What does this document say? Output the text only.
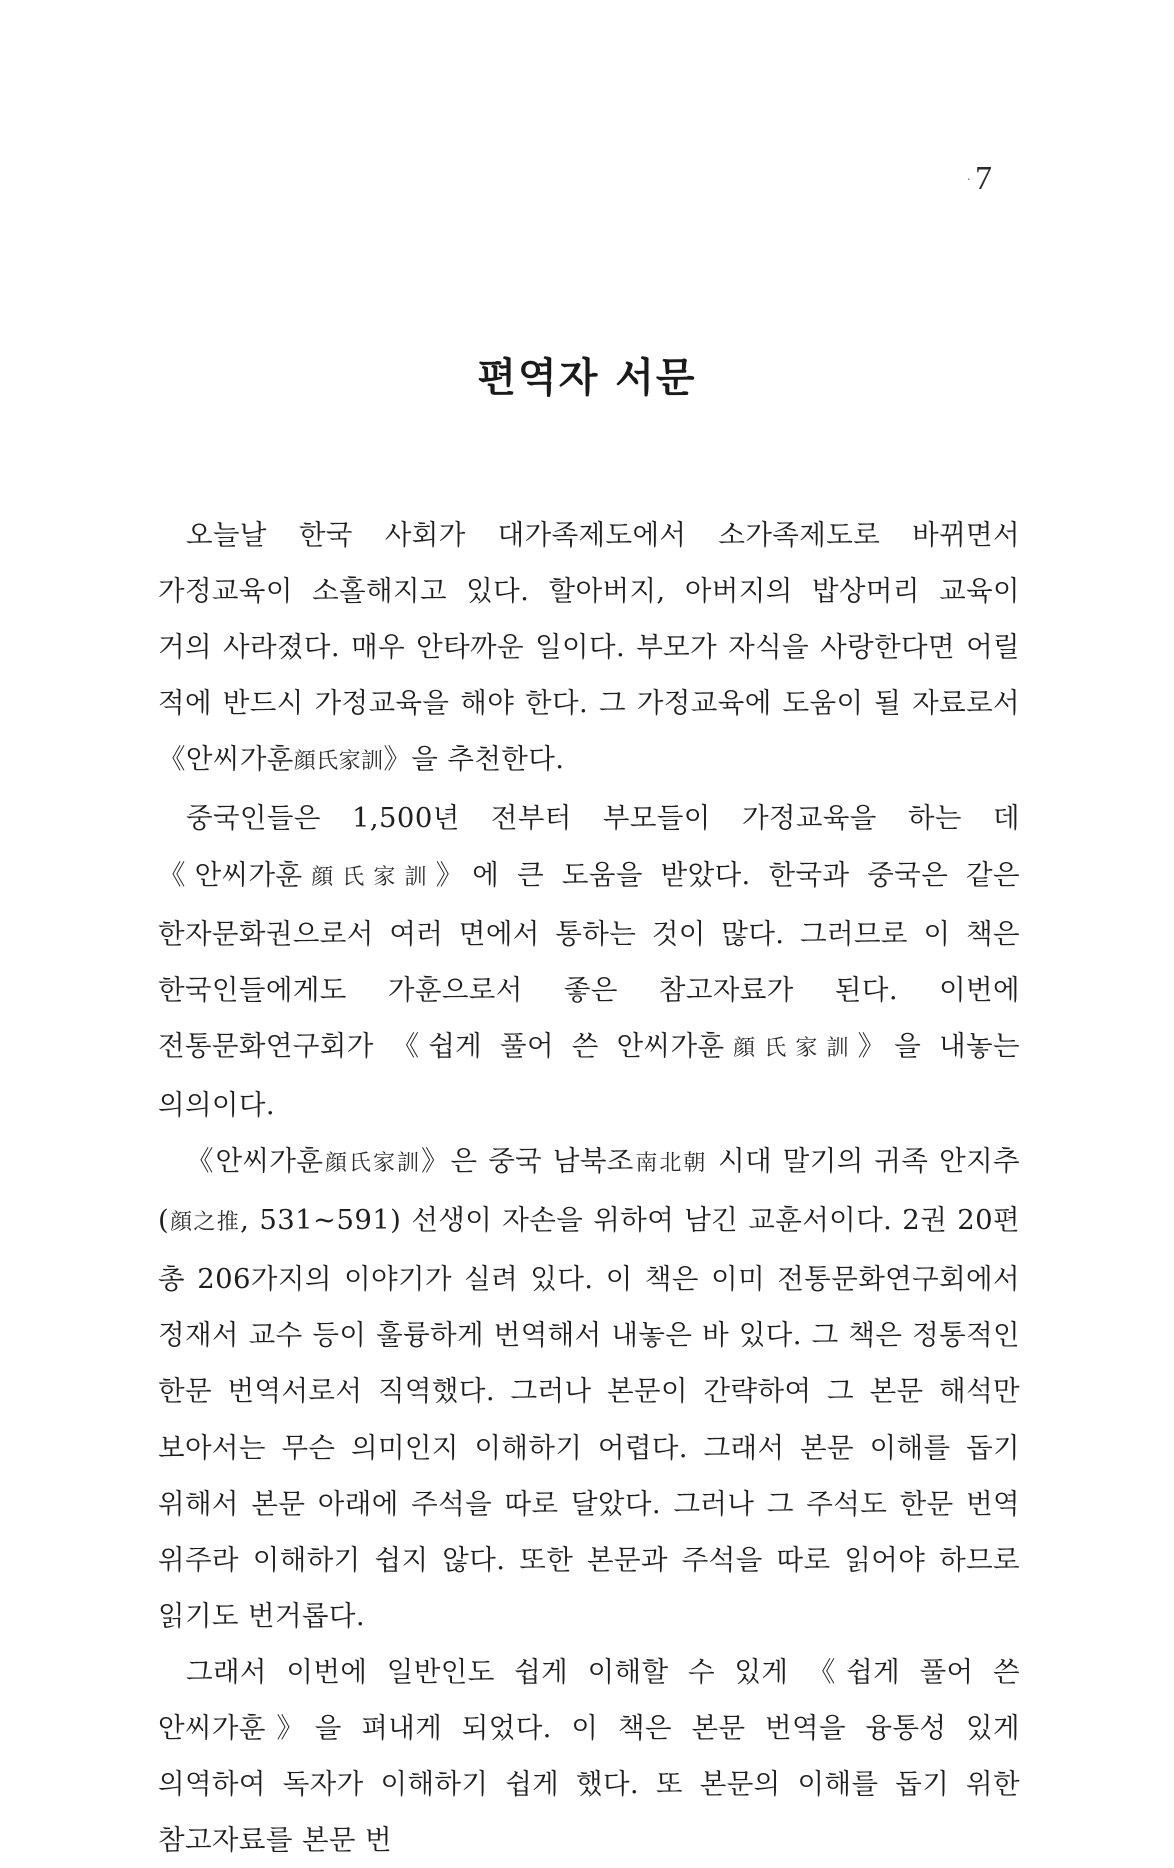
· 7
편역자 서문

오늘날 한국 사회가 대가족제도에서 소가족제도로 바뀌면서 가정교육이 소홀해지고 있다. 할아버지, 아버지의 밥상머리 교육이 거의 사라졌다. 매우 안타까운 일이다. 부모가 자식을 사랑한다면 어릴 적에 반드시 가정교육을 해야 한다. 그 가정교육에 도움이 될 자료로서 《안씨가훈顔氏家訓》을 추천한다.

중국인들은 1,500년 전부터 부모들이 가정교육을 하는 데 《안씨가훈顔氏家訓》에 큰 도움을 받았다. 한국과 중국은 같은 한자문화권으로서 여러 면에서 통하는 것이 많다. 그러므로 이 책은 한국인들에게도 가훈으로서 좋은 참고자료가 된다. 이번에 전통문화연구회가 《쉽게 풀어 쓴 안씨가훈顔氏家訓》을 내놓는 의의이다.

《안씨가훈顔氏家訓》은 중국 남북조南北朝 시대 말기의 귀족 안지추(顔之推, 531~591) 선생이 자손을 위하여 남긴 교훈서이다. 2권 20편 총 206가지의 이야기가 실려 있다. 이 책은 이미 전통문화연구회에서 정재서 교수 등이 훌륭하게 번역해서 내놓은 바 있다. 그 책은 정통적인 한문 번역서로서 직역했다. 그러나 본문이 간략하여 그 본문 해석만 보아서는 무슨 의미인지 이해하기 어렵다. 그래서 본문 이해를 돕기 위해서 본문 아래에 주석을 따로 달았다. 그러나 그 주석도 한문 번역 위주라 이해하기 쉽지 않다. 또한 본문과 주석을 따로 읽어야 하므로 읽기도 번거롭다.

그래서 이번에 일반인도 쉽게 이해할 수 있게 《쉽게 풀어 쓴 안씨가훈》을 펴내게 되었다. 이 책은 본문 번역을 융통성 있게 의역하여 독자가 이해하기 쉽게 했다. 또 본문의 이해를 돕기 위한 참고자료를 본문 번
